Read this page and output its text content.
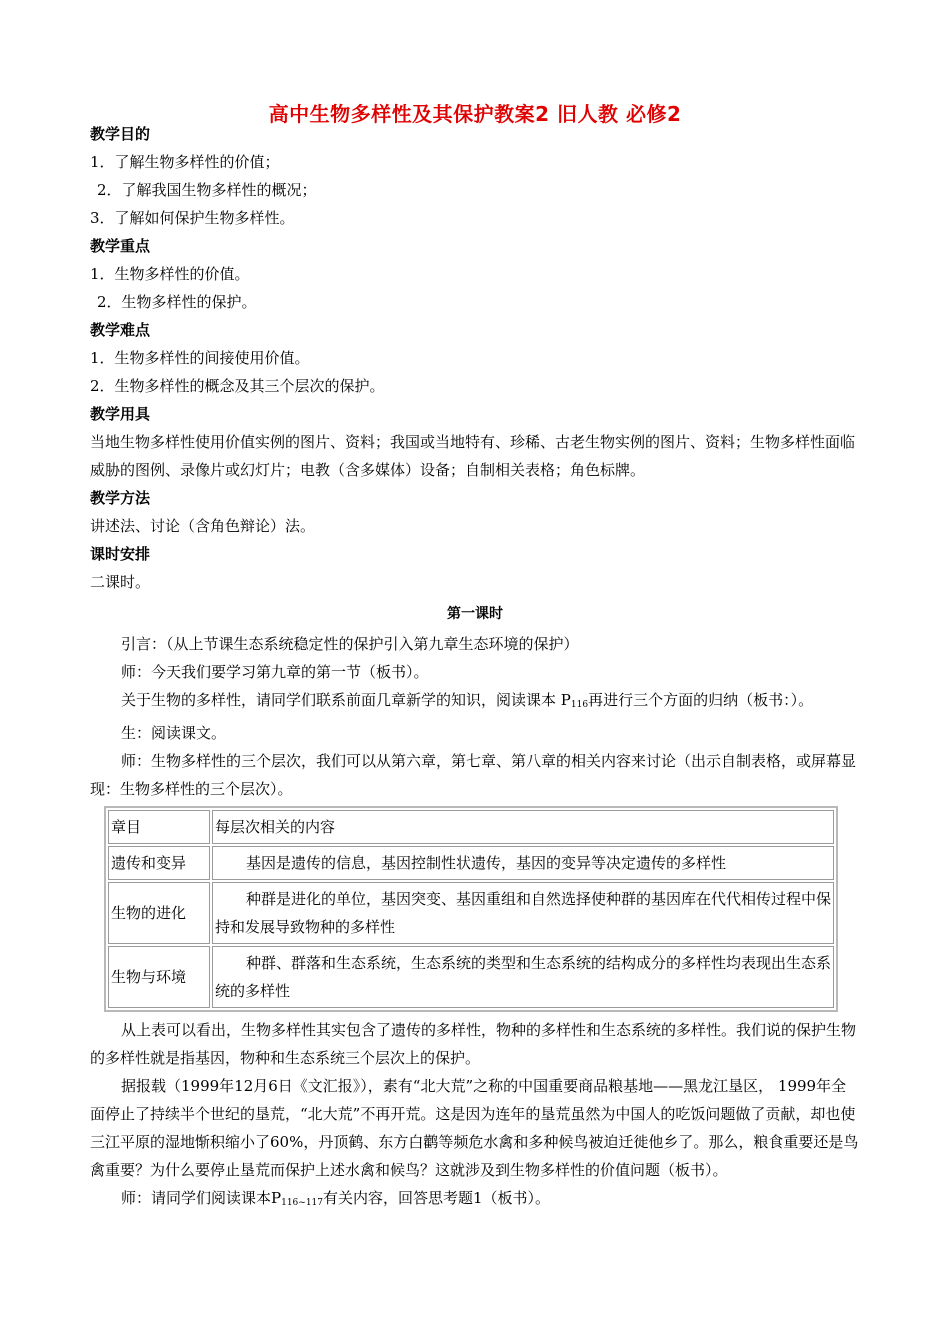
高中生物多样性及其保护教案2 旧人教 必修2
教学目的
1．了解生物多样性的价值；
2．了解我国生物多样性的概况；
3．了解如何保护生物多样性。
教学重点
1．生物多样性的价值。
2．生物多样性的保护。
教学难点
1．生物多样性的间接使用价值。
2．生物多样性的概念及其三个层次的保护。
教学用具
当地生物多样性使用价值实例的图片、资料；我国或当地特有、珍稀、古老生物实例的图片、资料；生物多样性面临威胁的图例、录像片或幻灯片；电教（含多媒体）设备；自制相关表格；角色标牌。
教学方法
讲述法、讨论（含角色辩论）法。
课时安排
二课时。
第一课时
引言：（从上节课生态系统稳定性的保护引入第九章生态环境的保护）
师：今天我们要学习第九章的第一节（板书）。
关于生物的多样性，请同学们联系前面几章新学的知识，阅读课本 $P_{116}$再进行三个方面的归纳（板书：）。
生：阅读课文。
师：生物多样性的三个层次，我们可以从第六章，第七章、第八章的相关内容来讨论（出示自制表格，或屏幕显现：生物多样性的三个层次）。
章目	每层次相关的内容
遗传和变异	基因是遗传的信息，基因控制性状遗传，基因的变异等决定遗传的多样性
生物的进化	种群是进化的单位，基因突变、基因重组和自然选择使种群的基因库在代代相传过程中保持和发展导致物种的多样性
生物与环境	种群、群落和生态系统，生态系统的类型和生态系统的结构成分的多样性均表现出生态系统的多样性
从上表可以看出，生物多样性其实包含了遗传的多样性，物种的多样性和生态系统的多样性。我们说的保护生物的多样性就是指基因，物种和生态系统三个层次上的保护。
据报载（1999年12月6日《文汇报》），素有“北大荒”之称的中国重要商品粮基地——黑龙江垦区， 1999年全面停止了持续半个世纪的垦荒，“北大荒”不再开荒。这是因为连年的垦荒虽然为中国人的吃饭问题做了贡献，却也使三江平原的湿地惭积缩小了60%，丹顶鹤、东方白鹳等频危水禽和多种候鸟被迫迁徙他乡了。那么，粮食重要还是鸟禽重要？为什么要停止垦荒而保护上述水禽和候鸟？这就涉及到生物多样性的价值问题（板书）。
师：请同学们阅读课本$P_{116\sim 117}$有关内容，回答思考题1（板书）。
